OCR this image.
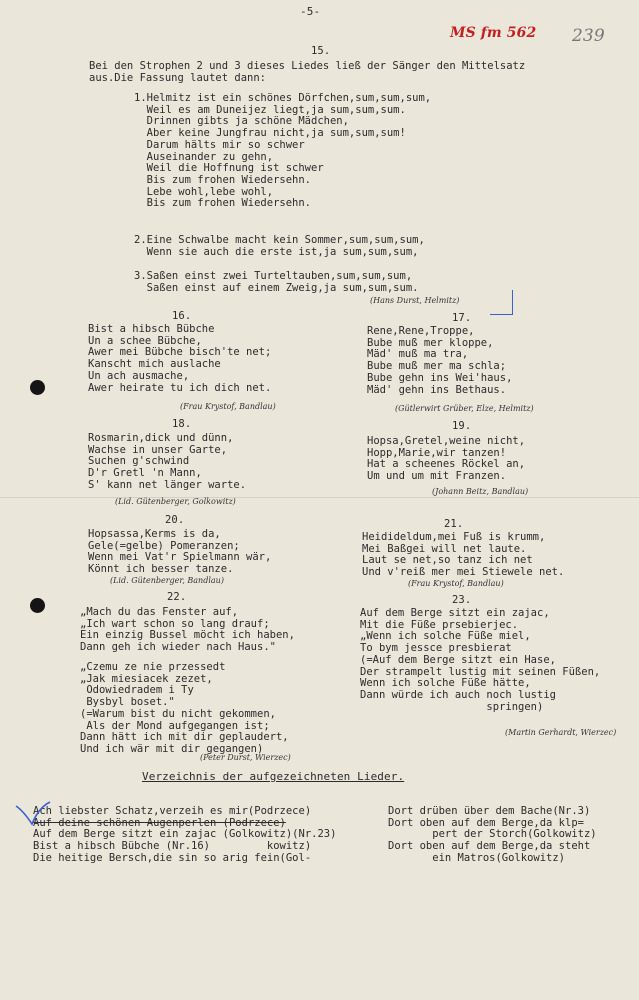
-5-
MS fm 562 239
15.
Bei den Strophen 2 und 3 dieses Liedes ließ der Sänger den Mittelsatz
aus.Die Fassung lautet dann:
1.Helmitz ist ein schönes Dörfchen,sum,sum,sum,
Weil es am Duneijez liegt,ja sum,sum,sum.
Drinnen gibts ja schöne Mädchen,
Aber keine Jungfrau nicht,ja sum,sum,sum!
Darum hälts mir so schwer
Auseinander zu gehn,
Weil die Hoffnung ist schwer
Bis zum frohen Wiedersehn.
Lebe wohl,lebe wohl,
Bis zum frohen Wiedersehn.
2.Eine Schwalbe macht kein Sommer,sum,sum,sum,
Wenn sie auch die erste ist,ja sum,sum,sum,
3.Saßen einst zwei Turteltauben,sum,sum,sum,
Saßen einst auf einem Zweig,ja sum,sum,sum.
(Hans Durst, Helmitz)
16.
Bist a hibsch Bübche
Un a schee Bübche,
Awer mei Bübche bisch'te net;
Kanscht mich auslache
Un ach ausmache,
Awer heirate tu ich dich net.
(Frau Krystof, Bandlau)
17.
Rene,Rene,Troppe,
Bube muß mer kloppe,
Mäd' muß ma tra,
Bube muß mer ma schla;
Bube gehn ins Wei'haus,
Mäd' gehn ins Bethaus.
(Gütlerwirt Grüber, Elze, Helmitz)
18.
Rosmarin,dick und dünn,
Wachse in unser Garte,
Suchen g'schwind
D'r Gretl 'n Mann,
S' kann net länger warte.
(Lid. Gütenberger, Golkowitz)
19.
Hopsa,Gretel,weine nicht,
Hopp,Marie,wir tanzen!
Hat a scheenes Röckel an,
Um und um mit Franzen.
(Johann Beitz, Bandlau)
20.
Hopsassa,Kerms is da,
Gele(=gelbe) Pomeranzen;
Wenn mei Vat'r Spielmann wär,
Könnt ich besser tanze.
(Lid. Gütenberger, Bandlau)
21.
Heidideldum,mei Fuß is krumm,
Mei Baßgei will net laute.
Laut se net,so tanz ich net
Und v'reiß mer mei Stiewele net.
(Frau Krystof, Bandlau)
22.
„Mach du das Fenster auf,
„Ich wart schon so lang drauf;
Ein einzig Bussel möcht ich haben,
Dann geh ich wieder nach Haus."
„Czemu ze nie przessedt
„Jak miesiacek zezet,
Odowiedradem i Ty
Bysbyl boset."
(=Warum bist du nicht gekommen,
Als der Mond aufgegangen ist;
Dann hätt ich mit dir geplaudert,
Und ich wär mit dir gegangen)
(Peter Durst, Wierzec)
23.
Auf dem Berge sitzt ein zajac,
Mit die Füße prsebierjec.
„Wenn ich solche Füße miel,
To bym jessce presbierat
(=Auf dem Berge sitzt ein Hase,
Der strampelt lustig mit seinen Füßen,
Wenn ich solche Füße hätte,
Dann würde ich auch noch lustig
springen)
(Martin Gerhardt, Wierzec)
Verzeichnis der aufgezeichneten Lieder.
Ach liebster Schatz,verzeih es mir(Podrzece)
Auf deine schönen Augenperlen (Podrzece)
Auf dem Berge sitzt ein zajac (Golkowitz)(Nr.23)
Bist a hibsch Bübche (Nr.16)         kowitz)
Die heitige Bersch,die sin so arig fein(Gol-
Dort drüben über dem Bache(Nr.3)
Dort oben auf dem Berge,da klp=
pert der Storch(Golkowitz)
Dort oben auf dem Berge,da steht
ein Matros(Golkowitz)
